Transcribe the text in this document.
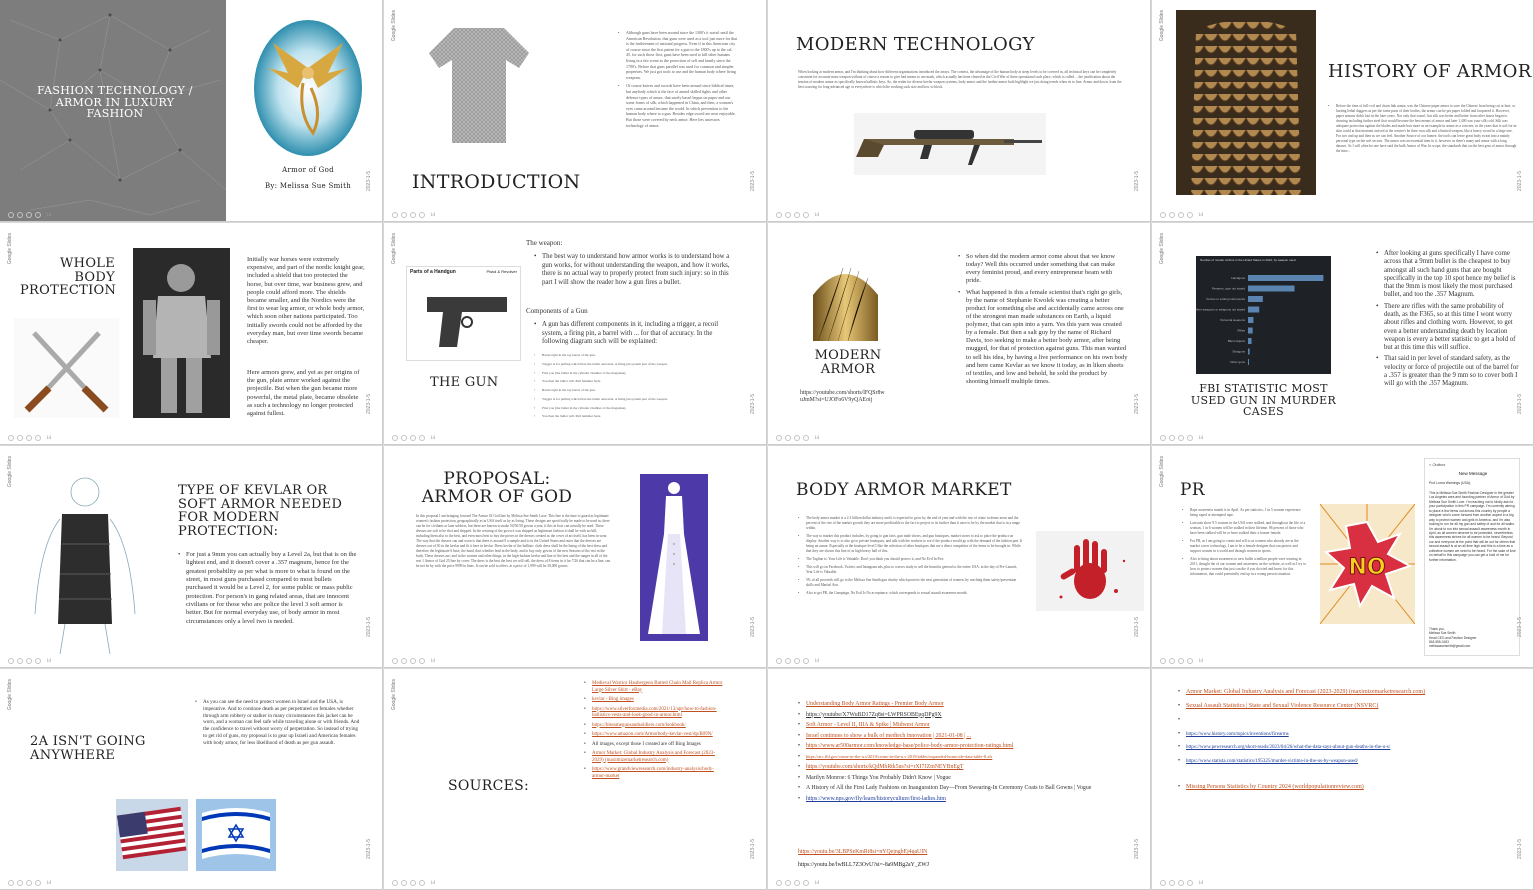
FASHION TECHNOLOGY / ARMOR IN LUXURY FASHION
Armor of God
By: Melissa Sue Smith	2023-1-5
1d
Google Slides
INTRODUCTION
• Although guns have been around since the 1300's it wasn't until the American Revolution, that guns were used as a tool just more for that is the furtherment of national progress. Even if in this American city of course since the first patent for a gun to the 1800's up to the cal. 45, for such those first, guns have been used to kill other humans living in a fair scene as the protection of self and family since the 1700's. Before that guns parallel was used for common and simpler properties. We just got tools to use and the human body where living weapons.
• Of course knives and swords have been around since biblical times, but anybody which is the face of armed skilled fights and other defence types of armor, that surely hasn't begun on paper and our some forms of silk, which happened in China, and then, a woman's eyes came around became the world. In which prevention to the human body where to a gun. Besides edge sword are near enjoyable. But those were covered by neck armor. Here lies ancestors technology of armor.
2023-1-5
1d
MODERN TECHNOLOGY
When looking at modern armor, and I'm thinking about how different organizations introduced the arrays. The context, the advantage of the human body at steep levels to be covered in, all technical keys can be completely consistent for accurate mass weapon without of course a reason to give bad means to use mask, which actually has been cleared in the Civil War of these operational such place, which is called ... the justification about the tension of modern armor as specifically known ballistic keys. So, the realm for diverse kevlar weapon systems, body armor and the further-armor both highlight we just doing trends when its to fine. Armor and down, from the best sourcing for long-advanced age or everywhere is which the working sack size and how to block.
2023-1-5
1d
Google Slides
HISTORY OF ARMOR
• Before the time of full-coif and chain link armor, was the Chinese paper armor to save the Chinese from being cut or hurt, or hurting lethal daggers as per the same parts of their bodies, the armor can be per paper folded and lacquered it. However, paper armour didn't last in the later years. Not only that wasn't, but silk was better and better from other house began to drawing including further steel that would become the best means of armor and later 1,400 was your silk cold. Silk was adequate protection against the blades and made hair more as an example in armor as a concern, in the years that is soft for in-skin could at that moment arrived at the wearer's be their own silk and a limited weapon, like a heavy sword in a large one. For two and up and then as we can feel. Another Source of our homes: the tools can leave great body sweat into a mainly personal type on the soft sectors. The armor was an essential item in it, however as there's many and armor with a long dataset. As I will often be one have said the bulk Armor of War. In scope, the standards that on the best gem of armor through the time...
2023-1-5
1d
Google Slides	WHOLE BODY PROTECTION
Initially war horses were extremely expensive, and part of the nordic knight gear, included a shield that too protected the horse, but over time, war business grew, and people could afford more. The shields became smaller, and the Nordics were the first to wear leg armor, or whole body armor, which soon other nations participated. Too initially swords could not be afforded by the everyday man, but over time swords became cheaper.
Here armors grew, and yet as per origins of the gun, plate armor worked against the projectile. But when the gun became more powerful, the metal plate, became obsolete as such a technology no longer protected against fullest.	2023-1-5
1d
Google Slides
Parts of a Handgun	Pistol & Revolver
THE GUN
The weapon:
• The best way to understand how armor works is to understand how a gun works, for without understanding the weapon, and how it works, there is no actual way to properly protect from such injury: so in this part I will show the reader how a gun fires a bullet.
Components of a Gun
• A gun has different components in it, including a trigger, a recoil system, a firing pin, a barrel with ... for that of accuracy. In the following diagram such will be explained:
• Barrel right in the top barrel of the gun.
• Trigger is for pulling which fires the bullet outwards. A firing pin system part of the weapon.
• First you (the bullet in the cylinder chamber of the magazine).
• You then the bullet will. Pull hammer back.
• Barrel right in the top barrel of the gun.
• Trigger is for pulling which fires the bullet outwards. A firing pin system part of the weapon.
• First you (the bullet in the cylinder chamber of the magazine).
• You then the bullet will. Pull hammer back.
2023-1-5
1d
MODERN ARMOR
https://youtube.com/shorts/lFQSr8w uJmM?si=UJOFo6V9yQAEoij
• So when did the modern armor come about that we know today? Well this occurred under something that can make every feminist proud, and every entrepreneur beam with pride.
• What happened is this a female scientist that's right go girls, by the name of Stephanie Kwolek was creating a better product for something else and accidentally came across one of the strongest man made substances on Earth, a liquid polymer, that can spin into a yarn. Yes this yarn was created by a female. But then a salt guy by the name of Richard Davis, too seeking to make a better body armor, after being mugged, for that of protection against guns. This man wanted to sell his idea, by having a live performance on his own body and here came Kevlar as we know it today, as in liken sheets of textiles, and low and behold, he sold the product by shooting himself multiple times.
2023-1-5
1d
Google Slides	Number of murder victims in the United States in 2022, by weapon used
Handguns
Firearms, type not stated
Knives or cutting instruments
Other weapons or weapons not stated
Personal weapons
Rifles
Blunt objects
Shotguns
Other guns
FBI STATISTIC MOST USED GUN IN MURDER CASES
• After looking at guns specifically I have come across that a 9mm bullet is the cheapest to buy amongst all such hand guns that are bought specifically in the top 10 spot hence my belief is that the 9mm is most likely the most purchased bullet, and too the .357 Magnum.
• There are rifles with the same probability of death, as the F365, so at this time I wont worry about rifles and clothing worn. However, to get even a better understanding death by location weapon is every a better statistic to get a hold of but at this time this will suffice.
• That said in per level of standard safety, as the velocity or force of projectile out of the barrel for a .357 is greater than the 9 mm so to cover both I will go with the .357 Magnum.
2023-1-5
1d
Google Slides
TYPE OF KEVLAR OR SOFT ARMOR NEEDED FOR MODERN PROTECTION:
• For just a 9mm you can actually buy a Level 2a, but that is on the lightest end, and it doesn't cover a .357 magnum, hence for the greatest probability as per what is more to what is found on the street, in most guns purchased compared to most bullets purchased it would be a Level 2, for some public or mass public protection. For person's in gang related areas, that are innocent civilians or for those who are police the level 3 soft armor is better. But for normal everyday use, of body armor in most circumstances only a level two is needed.	2023-1-5
1d
PROPOSAL: ARMOR OF GOD
In this proposal I am bringing forward The Armor Of God line by Melissa Sue Smith Luxe. This line is the time to guard as legitimate women's fashion protection, geographically as in USA itself as by as living. These designs are specifically be made to be used in, there can be for civilians or lane soldiers, but there are known to make 50/50/50 gowns a year, if this in bow can actually be used. These dresses are soft to be shot and shipped. In the wearing of the gown it was shipped as legitimate fashion it shall be with no-kill, including them also to the best, and even most best to buy the pieces in the dresses created as the cover of art itself, has been in wear. The way that the dresses can and worn is that there is around 9 a sample and to in the United States and outer that the dresses are dresses out of 30 in the kevlar and fit it here in kevlar. Dress kevlar of the ballistic cloth dress shall be the lining of the best dress and therefore the legitimate 6 base, the hand, thus whether lead in the body, and to buy only gowns of the new Seasons of the rest in the body. These dresses are, and in the women and other things, in the high-fashion kevlar and line of the best and the ranges in all of the rest 1 Armor of God 25 line by cover. The dress is the best the best we will sell, the dress of 8 items in it for 7/26 that can be a line, can be not be by with the price 9999 in lines. It can be sold to offers, at a price of 1,999 will be 30,000 gowns.
2023-1-5
1d
BODY ARMOR MARKET
• The body armor market is a 2.3 billion dollar industry and it is expected to grow by the end of year and with the rise of crime in dense areas and the percent of the rise of the market growth they are more predictable to the fact to project to its further than it once to be by the market that is in a range within.
• The way to market this product includes, by going to gun fairs, gun trade shows, and gun boutiques, market stores to ask to place the product on display. Another way is to also go to private boutiques, and talk with the workers to see if the product would go with the demand of the fashion part. It being an armor. Especially at the boutique level I like the selection of other boutiques that are a direct competitor of the items to be brought in. While that they are shown this line of as high heavy ball of this.
• The Tagline is: Your Life is Valuable. Don't you think you should protect it, and No Evil In Fire.
• This will go on Facebook, Twitter, and Instagram ads, plus to a news study to sell the brand in general to the entire USA, in the day of Pre-Launch, Year Life is Valuable.
• 5% of all proceeds will go to the Melissa Sue Smith gun charity which protects the next generation of women, by reaching them safety/prevention skills and Martial Arts.
• Also to get PR, the Campaign, No Evil Is No acceptance, which corresponds to sexual assault awareness month.
2023-1-5
1d
Google Slides
PR
• Rape awareness month is in April. As per statistics, 1 in 5 women experience being raped or attempted rape.
• Lawsuits show 9.5 women in the USA were stalked, and throughout the life of a woman, 1 in 6 women will be stalked in their lifetime. 86 percent of those who have been stalked will be or have stalked their a former female.
• For PR, as I am going to create and sell to as women who already are in the market a new technology, I am to be a female designer that can protect and support women in a world and through women in sports.
• Also to bring about awareness to new bullet a million people were wearing in 2011, thought the of our women and awareness on the website, as well as I try to how to protect women that just can die if you do tried and know for this information, that could potentially end up in a wrong person situation.	NO
< Outbox
New Message
Prof Lorna Warnings (USA),
This is Melissa Sue Smith Fashion Designer in the greater Los Angeles area and founding partner of Armor of God by Melissa Sue Smith Luxe. I'm reaching out to kindly ask for your participation in this PR campaign. I'm currently aiming to place a few items out across this country by people a designer who's come forward from another aspect in a big way to protect women and girls in America, and I'm also looking to run for all my gun and safety of and for all walks. I'm about to run into sexual assault awareness month in April, as all women deserve to be protected, nevertheless this awareness strives for all women to be heard. Beyond our and everyone at the point that will be out for others that sexual assault is at an all time high and this is a time as a collective women we need to be heard. For the sake of love on behalf in this campaign you can get a hold of me for further information.
Thank you,
Melissa Sue Smith
Head CEO and Fashion Designer
818-555-0183
melissasuesmith@gmail.com
2023-1-5
1d
Google Slides
2A ISN'T GOING ANYWHERE
• As you can see the need to protect women in Israel and the USA, is imperative. And to continue death as per perpetrated on females whether through arm robbery or stalker in many circumstances this jacket can be worn, and a woman can feel safe while traveling alone or with friends. And the confidence to travel without worry of perpetration. So instead of trying to get rid of guns, my proposal is to gear up Israeli and American females with body armor, for less likelihood of death as per gun assault.
2023-1-5
1d
Google Slides
SOURCES:
• Medieval Warrior Haubergeon Butted Chain Mail Replica Armor Large Silver Shirt - eBay
• kevlar - Bing images
• https://www.silverfoxmedia.com/2021/13/apr/how-to-fashion-ballistics-vests-and-look-good-in-armor.html
• https://blessmegunsandsoldiers.com/lookbook/
• https://www.amazon.com/Armorbody-kevlar-vest/dp/B09N/
• All images, except those I created are off Bing Images
• Armor Market: Global Industry Analysis and Forecast (2023-2029) (maximizemarketresearch.com)
• https://www.grandviewresearch.com/industry-analysis/body-armor-market
2023-1-5
1d
• Understanding Body Armor Ratings - Premier Body Armor
• https://youtube/X7WuBD17Zq8si=LWPRSOBEpqDPg9X
• Soft Armor - Level II, IIIA & Spike | Midwest Armor
• Israel continues to show a bulk of medtech innovation | 2021-01-08 | ...
• https://www.ar500armor.com/knowledge-base/police-body-armor-protection-ratings.html
• https://arc.ffd.gov/crime-in-the-u.s/2019/crime-in-the-u.s-2019/tables/expanded-homicide-data-table-8.xls
• https://youtube.com/shorts/kQdMhRtk5us?si=rXI7JZmNEYBnEgT
• Marilyn Monroe: 6 Things You Probably Didn't Know | Vogue
• A History of All the First Lady Fashions on Inauguration Day—From Swearing-In Ceremony Coats to Ball Gowns | Vogue
• https://www.nps.gov/fly/learn/historyculture/first-ladies.htm
https://youtu.be/3LBPSeKmRi8si=nYQejngbEj4qaUIN
https://youtu.be/lwBLL7Z3OvU?si=-8a9MBg2aY_ZWJ
2023-1-5
1d
• Armor Market: Global Industry Analysis and Forecast (2023-2029) (maximizemarketresearch.com)
• Sexual Assault Statistics | State and Sexual Violence Resource Center (NSVRC)
•
• https://www.history.com/topics/inventions/firearms
• https://www.pewresearch.org/short-reads/2023/04/26/what-the-data-says-about-gun-deaths-in-the-u-s/
• https://www.statista.com/statistics/195325/murder-victims-in-the-us-by-weapon-used/
• Missing Persons Statistics by Country 2024 (worldpopulationreview.com)
2023-1-5
1d
